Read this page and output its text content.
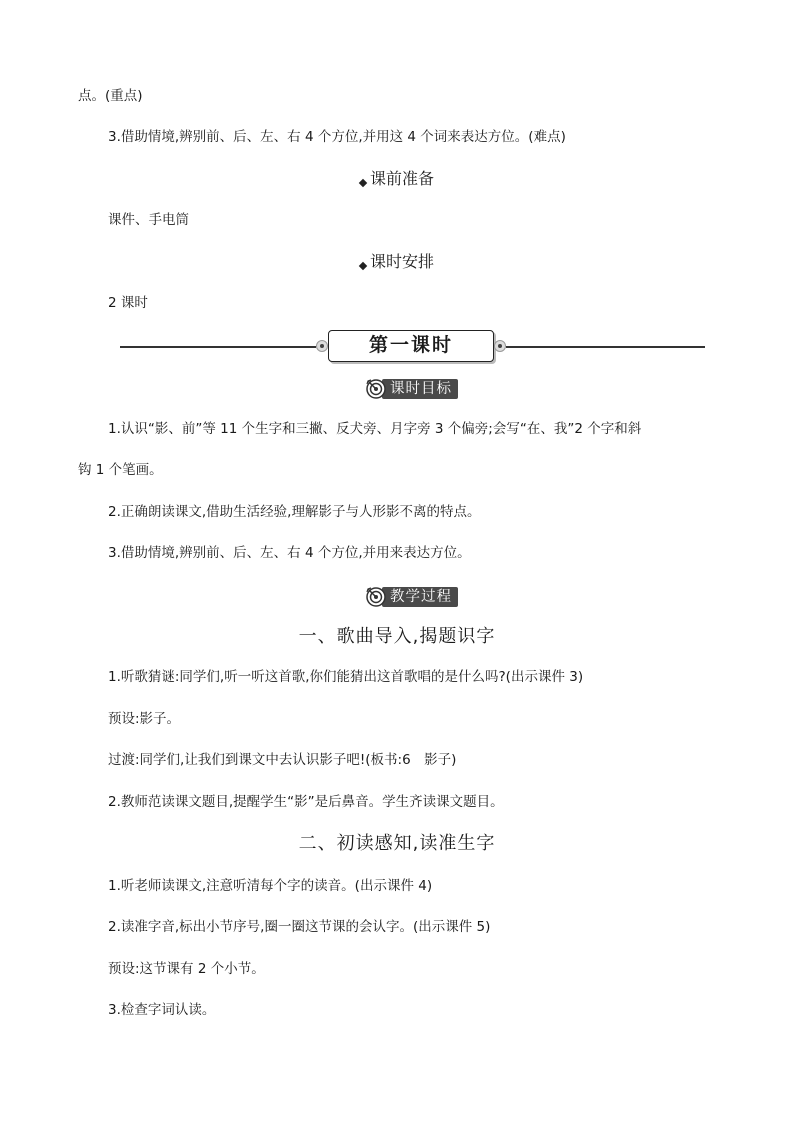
点。(重点)
3.借助情境,辨别前、后、左、右 4 个方位,并用这 4 个词来表达方位。(难点)
课前准备
课件、手电筒
课时安排
2 课时
第一课时
课时目标
1.认识“影、前”等 11 个生字和三撇、反犬旁、月字旁 3 个偏旁;会写“在、我”2 个字和斜
钩 1 个笔画。
2.正确朗读课文,借助生活经验,理解影子与人形影不离的特点。
3.借助情境,辨别前、后、左、右 4 个方位,并用来表达方位。
教学过程
一、歌曲导入,揭题识字
1.听歌猜谜:同学们,听一听这首歌,你们能猜出这首歌唱的是什么吗?(出示课件 3)
预设:影子。
过渡:同学们,让我们到课文中去认识影子吧!(板书:6　影子)
2.教师范读课文题目,提醒学生“影”是后鼻音。学生齐读课文题目。
二、初读感知,读准生字
1.听老师读课文,注意听清每个字的读音。(出示课件 4)
2.读准字音,标出小节序号,圈一圈这节课的会认字。(出示课件 5)
预设:这节课有 2 个小节。
3.检查字词认读。
